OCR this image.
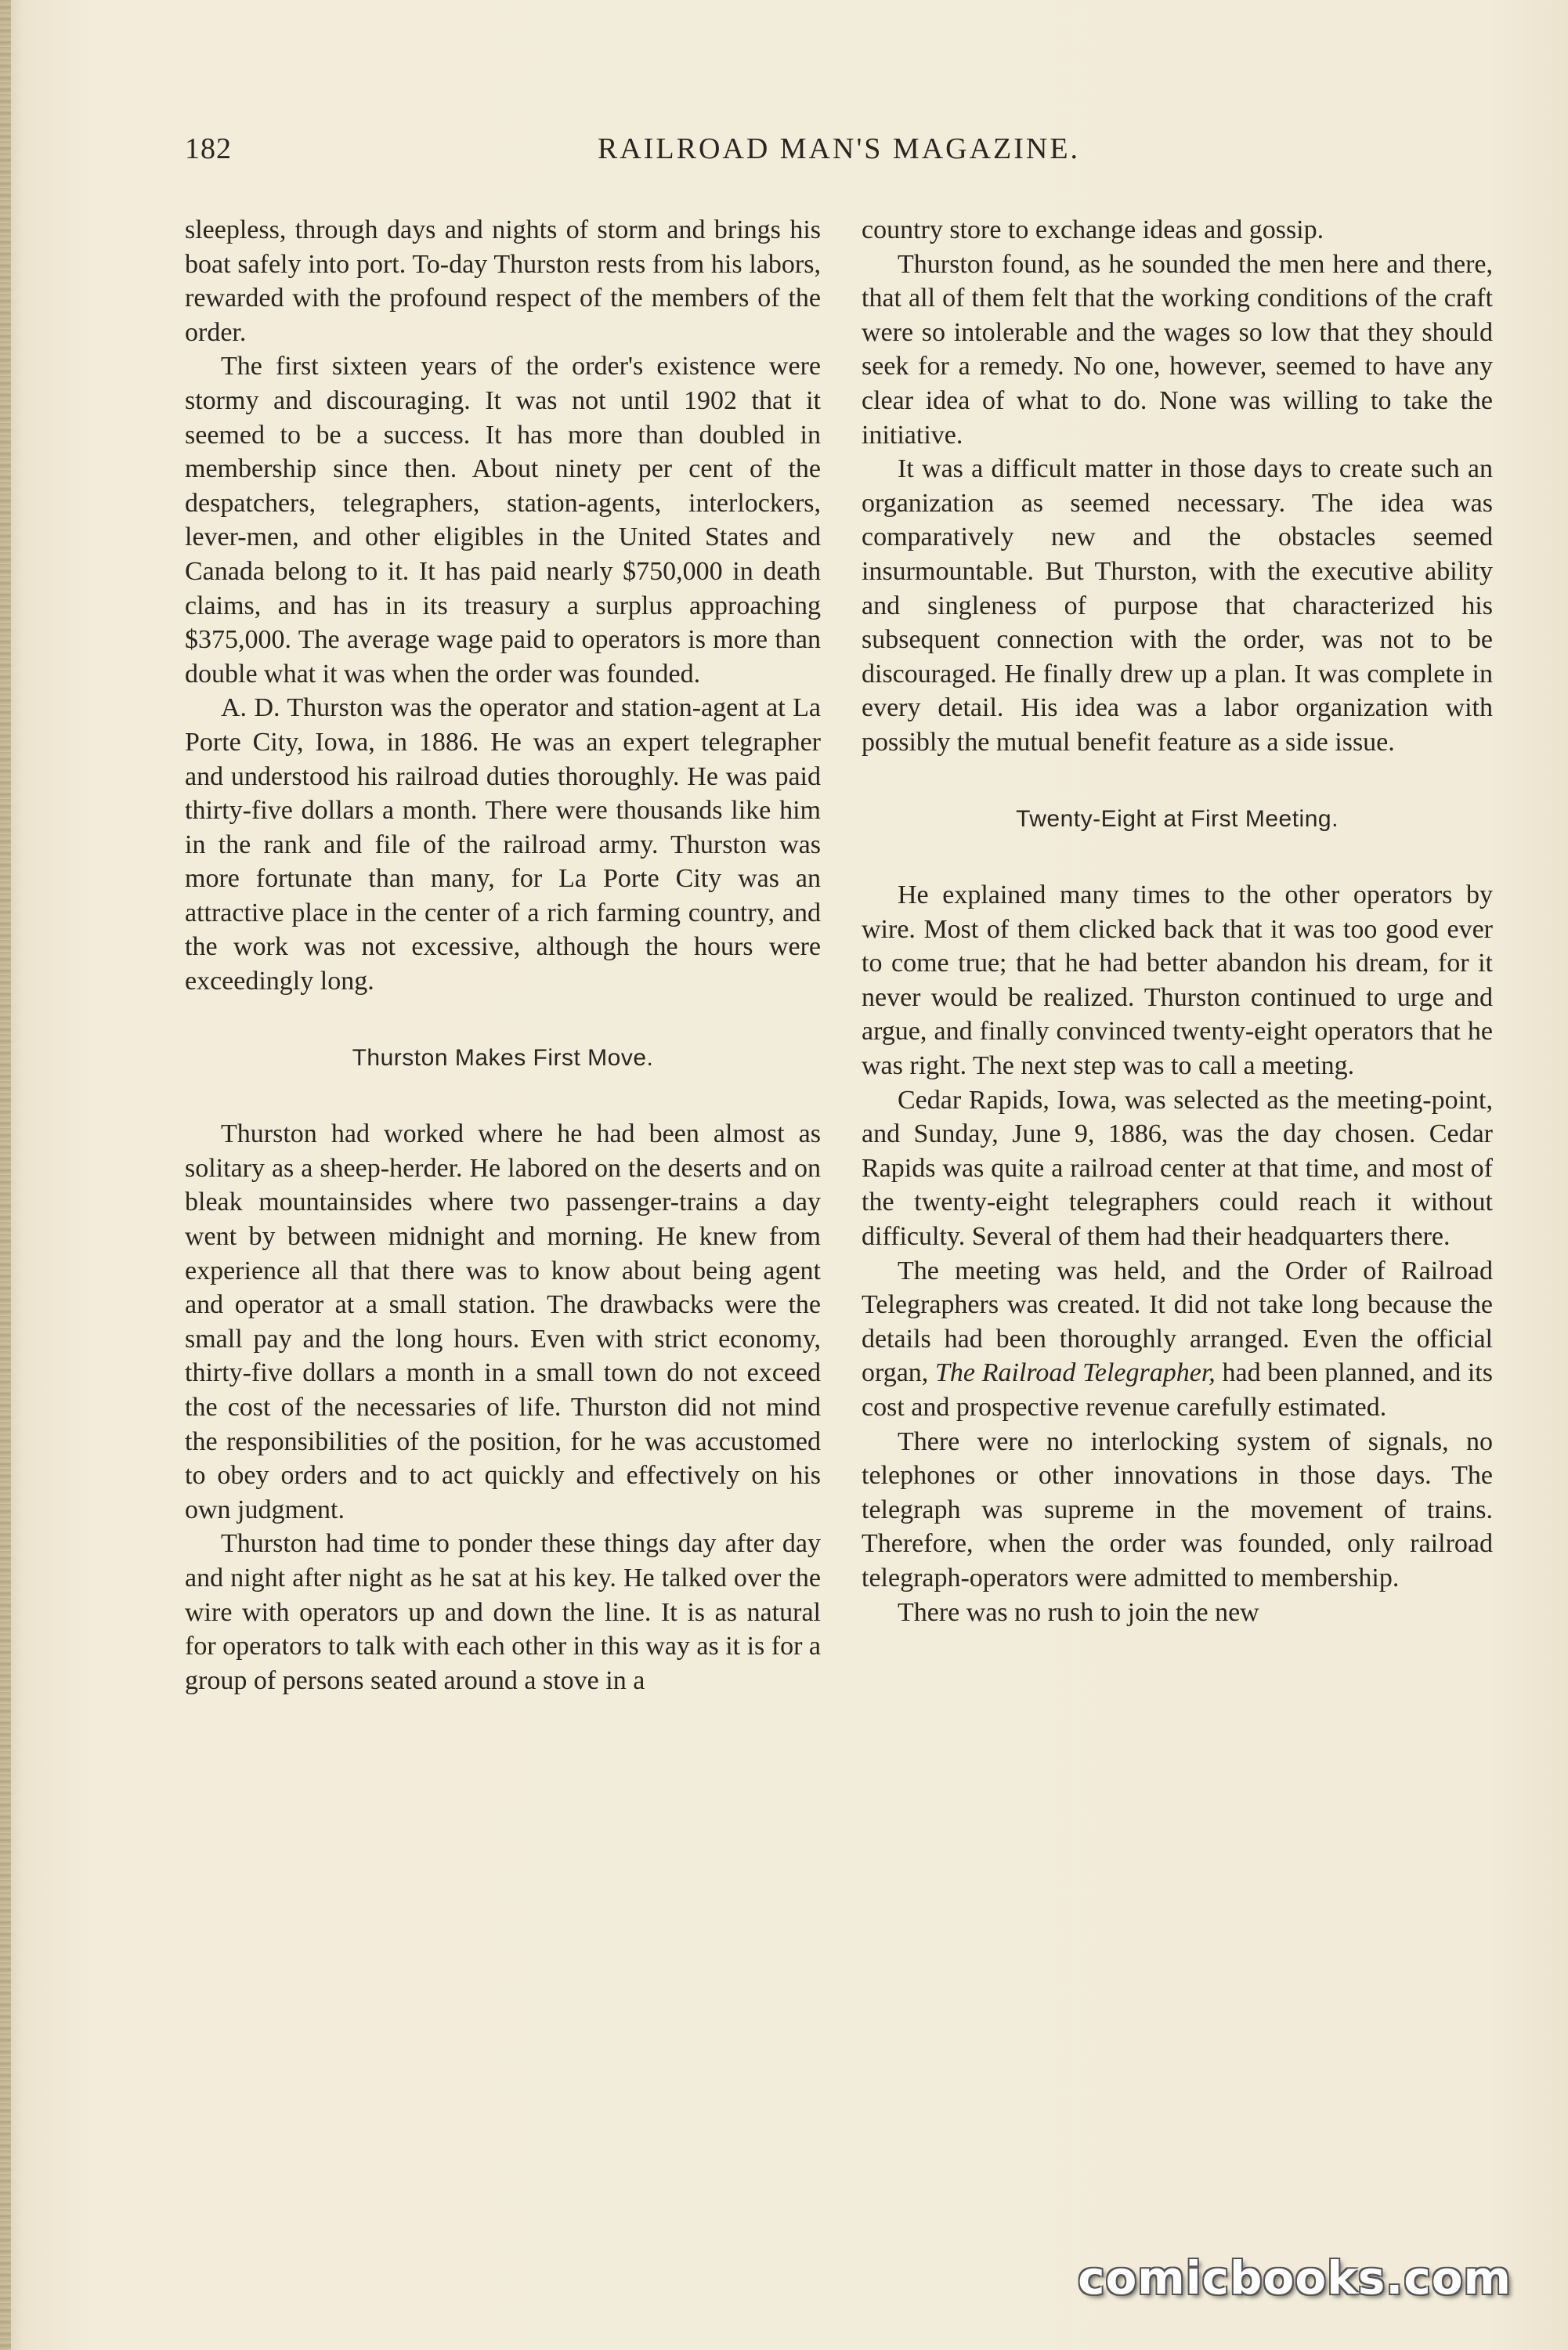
182	RAILROAD MAN'S MAGAZINE.

sleepless, through days and nights of storm and brings his boat safely into port. To-day Thurston rests from his labors, rewarded with the profound respect of the members of the order.

The first sixteen years of the order's existence were stormy and discouraging. It was not until 1902 that it seemed to be a success. It has more than doubled in membership since then. About ninety per cent of the despatchers, telegraphers, station-agents, interlockers, lever-men, and other eligibles in the United States and Canada belong to it. It has paid nearly $750,000 in death claims, and has in its treasury a surplus approaching $375,000. The average wage paid to operators is more than double what it was when the order was founded.

A. D. Thurston was the operator and station-agent at La Porte City, Iowa, in 1886. He was an expert telegrapher and understood his railroad duties thoroughly. He was paid thirty-five dollars a month. There were thousands like him in the rank and file of the railroad army. Thurston was more fortunate than many, for La Porte City was an attractive place in the center of a rich farming country, and the work was not excessive, although the hours were exceedingly long.

Thurston Makes First Move.

Thurston had worked where he had been almost as solitary as a sheep-herder. He labored on the deserts and on bleak mountainsides where two passenger-trains a day went by between midnight and morning. He knew from experience all that there was to know about being agent and operator at a small station. The drawbacks were the small pay and the long hours. Even with strict economy, thirty-five dollars a month in a small town do not exceed the cost of the necessaries of life. Thurston did not mind the responsibilities of the position, for he was accustomed to obey orders and to act quickly and effectively on his own judgment.

Thurston had time to ponder these things day after day and night after night as he sat at his key. He talked over the wire with operators up and down the line. It is as natural for operators to talk with each other in this way as it is for a group of persons seated around a stove in a

country store to exchange ideas and gossip.

Thurston found, as he sounded the men here and there, that all of them felt that the working conditions of the craft were so intolerable and the wages so low that they should seek for a remedy. No one, however, seemed to have any clear idea of what to do. None was willing to take the initiative.

It was a difficult matter in those days to create such an organization as seemed necessary. The idea was comparatively new and the obstacles seemed insurmountable. But Thurston, with the executive ability and singleness of purpose that characterized his subsequent connection with the order, was not to be discouraged. He finally drew up a plan. It was complete in every detail. His idea was a labor organization with possibly the mutual benefit feature as a side issue.

Twenty-Eight at First Meeting.

He explained many times to the other operators by wire. Most of them clicked back that it was too good ever to come true; that he had better abandon his dream, for it never would be realized. Thurston continued to urge and argue, and finally convinced twenty-eight operators that he was right. The next step was to call a meeting.

Cedar Rapids, Iowa, was selected as the meeting-point, and Sunday, June 9, 1886, was the day chosen. Cedar Rapids was quite a railroad center at that time, and most of the twenty-eight telegraphers could reach it without difficulty. Several of them had their headquarters there.

The meeting was held, and the Order of Railroad Telegraphers was created. It did not take long because the details had been thoroughly arranged. Even the official organ, The Railroad Telegrapher, had been planned, and its cost and prospective revenue carefully estimated.

There were no interlocking system of signals, no telephones or other innovations in those days. The telegraph was supreme in the movement of trains. Therefore, when the order was founded, only railroad telegraph-operators were admitted to membership.

There was no rush to join the new

comicbooks.com
